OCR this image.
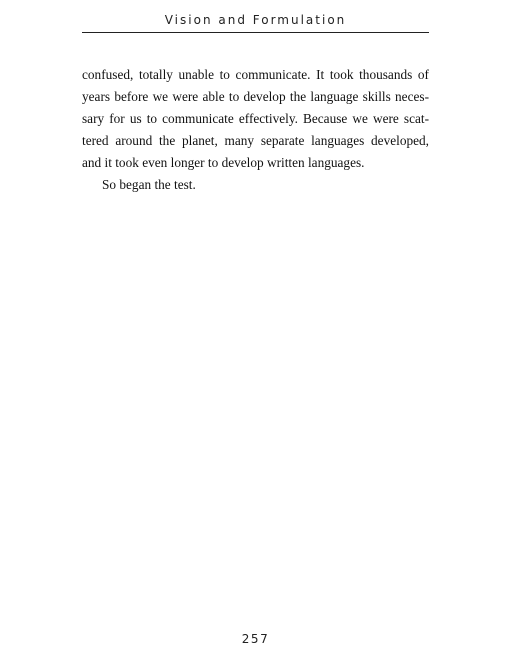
Vision and Formulation
confused, totally unable to communicate. It took thousands of
years before we were able to develop the language skills neces-
sary for us to communicate effectively. Because we were scat-
tered around the planet, many separate languages developed,
and it took even longer to develop written languages.
So began the test.
257
